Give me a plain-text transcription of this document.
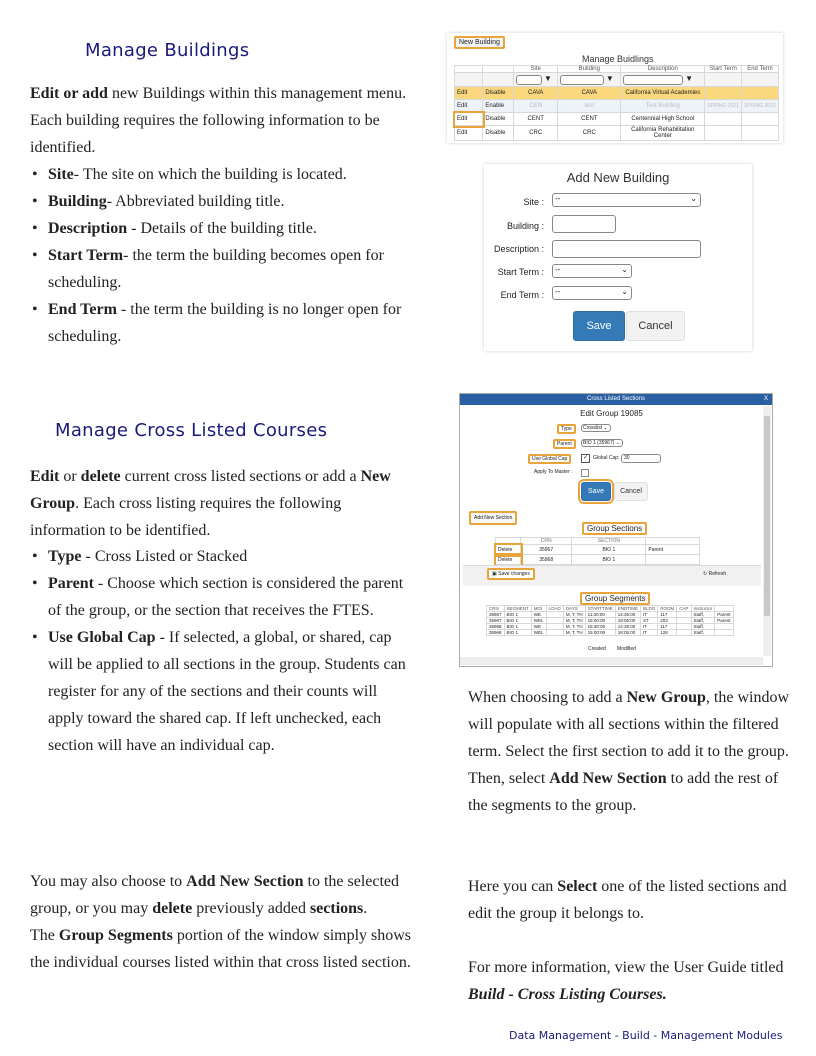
Manage Buildings
Edit or add new Buildings within this management menu. Each building requires the following information to be identified.
• Site- The site on which the building is located.
• Building- Abbreviated building title.
• Description - Details of the building title.
• Start Term- the term the building becomes open for scheduling.
• End Term - the term the building is no longer open for scheduling.
New Building
Manage Buidlings
		Site	Building	Description	Start Term	End Term
		▼	▼	▼		
Edit	Disable	CAVA	CAVA	California Virtual Academies		
Edit	Enable	CEN	test	Test Building	SPRING 2021	SPRING 2022
Edit	Disable	CENT	CENT	Centennial High School		
Edit	Disable	CRC	CRC	California Rehabilitation Center		
Add New Building
Site :	--	⌄
Building :
Description :
Start Term :	--	⌄
End Term :	--	⌄
Save	Cancel
Manage Cross Listed Courses
Edit or delete current cross listed sections or add a New Group. Each cross listing requires the following information to be identified.
• Type - Cross Listed or Stacked
• Parent - Choose which section is considered the parent of the group, or the section that receives the FTES.
• Use Global Cap - If selected, a global, or shared, cap will be applied to all sections in the group. Students can register for any of the sections and their counts will apply toward the shared cap. If left unchecked, each section will have an individual cap.
You may also choose to Add New Section to the selected group, or you may delete previously added sections.
The Group Segments portion of the window simply shows the individual courses listed within that cross listed section.
Cross Listed Sections	X
Edit Group 19085
Type	Crosslist ⌄
Parent	BIO 1 (35967) ⌄
Use Global Cap	✓ Global Cap: 30
Apply To Master :
Save	Cancel
Add New Section
Group Sections
	CRN	SECTION	
Delete	35967	BIO 1	Parent
Delete	35968	BIO 1	
▣ Save changes	↻ Refresh
Group Segments
CRN	SEGMENT	MOI	LOAD	DAYS	STARTTIME	ENDTIME	BLDG	ROOM	CAP	Instructor	
35967	BIO 1	WE		M, T, TH	11:30:00	14:35:00	IT	117		Staff,	Parent
35967	BIO 1	WEL		M, T, TH	15:00:00	18:05:00	ST	203		Staff,	Parent
35968	BIO 1	WE		M, T, TH	15:30:00	14:35:00	IT	117		Staff,	
35968	BIO 1	WEL		M, T, TH	15:00:00	18:05:00	IT	128		Staff,	
Created Modified
When choosing to add a New Group, the window will populate with all sections within the filtered term. Select the first section to add it to the group. Then, select Add New Section to add the rest of the segments to the group.
Here you can Select one of the listed sections and edit the group it belongs to.
For more information, view the User Guide titled Build - Cross Listing Courses.
Data Management - Build - Management Modules
